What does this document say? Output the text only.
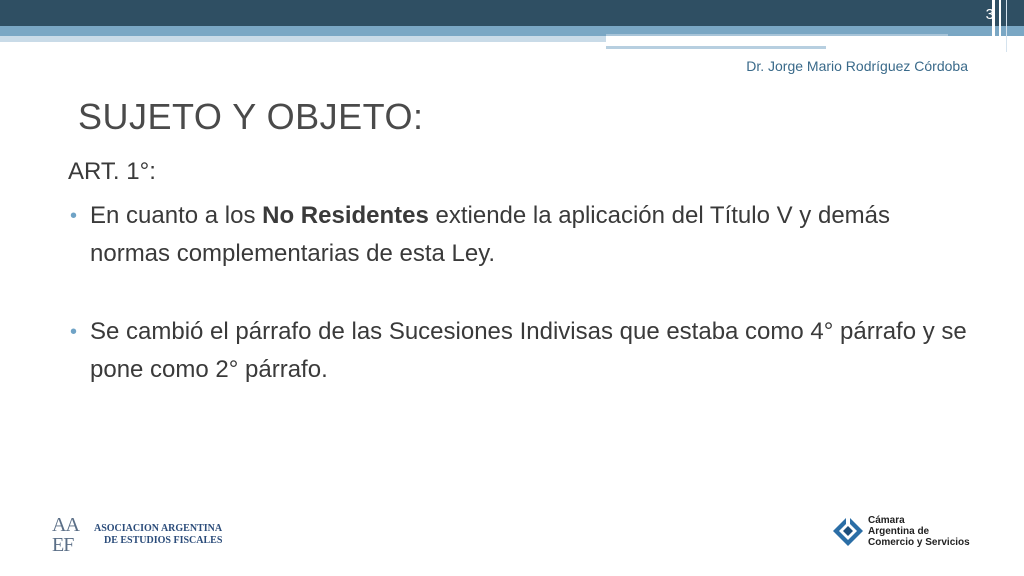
3
Dr. Jorge Mario Rodríguez Córdoba
SUJETO Y OBJETO:
ART. 1°:
• En cuanto a los No Residentes extiende la aplicación del Título V y demás normas complementarias de esta Ley.
• Se cambió el párrafo de las Sucesiones Indivisas que estaba como 4° párrafo y se pone como 2° párrafo.
AA
EF
ASOCIACION ARGENTINA
DE ESTUDIOS FISCALES
Cámara
Argentina de
Comercio y Servicios
